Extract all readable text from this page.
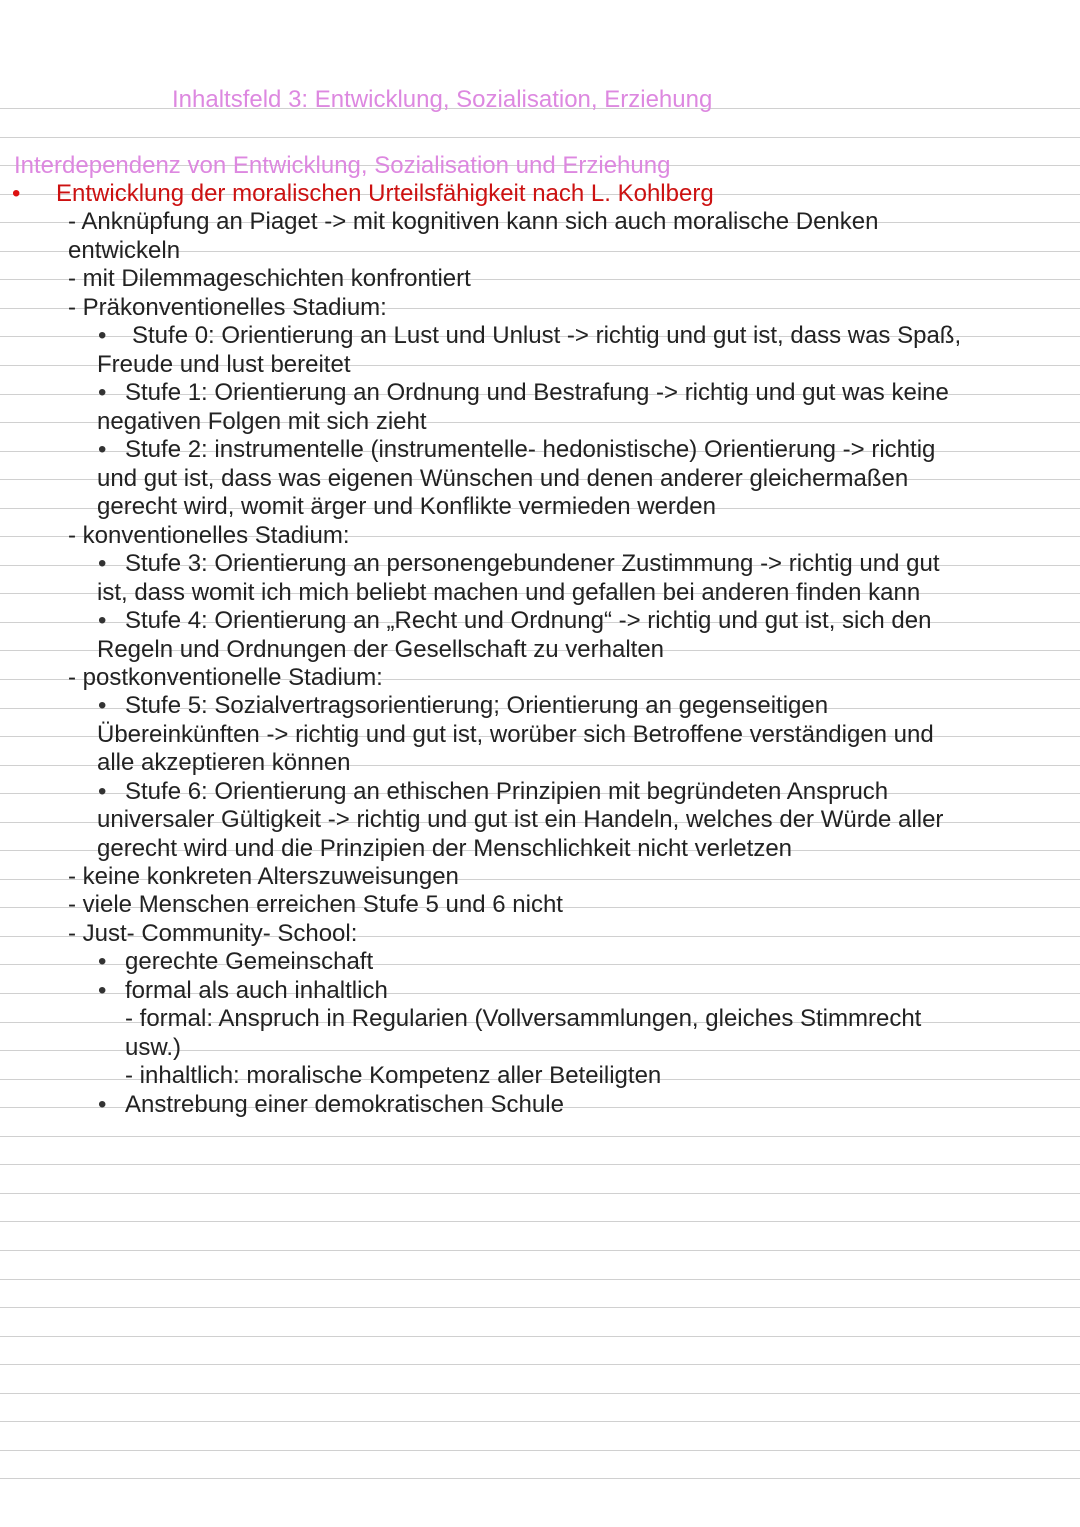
Inhaltsfeld 3: Entwicklung, Sozialisation, Erziehung
Interdependenz von Entwicklung, Sozialisation und Erziehung
• Entwicklung der moralischen Urteilsfähigkeit nach L. Kohlberg
- Anknüpfung an Piaget -> mit kognitiven kann sich auch moralische Denken
entwickeln
- mit Dilemmageschichten konfrontiert
- Präkonventionelles Stadium:
• Stufe 0: Orientierung an Lust und Unlust -> richtig und gut ist, dass was Spaß,
Freude und lust bereitet
• Stufe 1: Orientierung an Ordnung und Bestrafung -> richtig und gut was keine
negativen Folgen mit sich zieht
• Stufe 2: instrumentelle (instrumentelle- hedonistische) Orientierung -> richtig
und gut ist, dass was eigenen Wünschen und denen anderer gleichermaßen
gerecht wird, womit ärger und Konflikte vermieden werden
- konventionelles Stadium:
• Stufe 3: Orientierung an personengebundener Zustimmung -> richtig und gut
ist, dass womit ich mich beliebt machen und gefallen bei anderen finden kann
• Stufe 4: Orientierung an „Recht und Ordnung“ -> richtig und gut ist, sich den
Regeln und Ordnungen der Gesellschaft zu verhalten
- postkonventionelle Stadium:
• Stufe 5: Sozialvertragsorientierung; Orientierung an gegenseitigen
Übereinkünften -> richtig und gut ist, worüber sich Betroffene verständigen und
alle akzeptieren können
• Stufe 6: Orientierung an ethischen Prinzipien mit begründeten Anspruch
universaler Gültigkeit -> richtig und gut ist ein Handeln, welches der Würde aller
gerecht wird und die Prinzipien der Menschlichkeit nicht verletzen
- keine konkreten Alterszuweisungen
- viele Menschen erreichen Stufe 5 und 6 nicht
- Just- Community- School:
• gerechte Gemeinschaft
• formal als auch inhaltlich
- formal: Anspruch in Regularien (Vollversammlungen, gleiches Stimmrecht
usw.)
- inhaltlich: moralische Kompetenz aller Beteiligten
• Anstrebung einer demokratischen Schule
